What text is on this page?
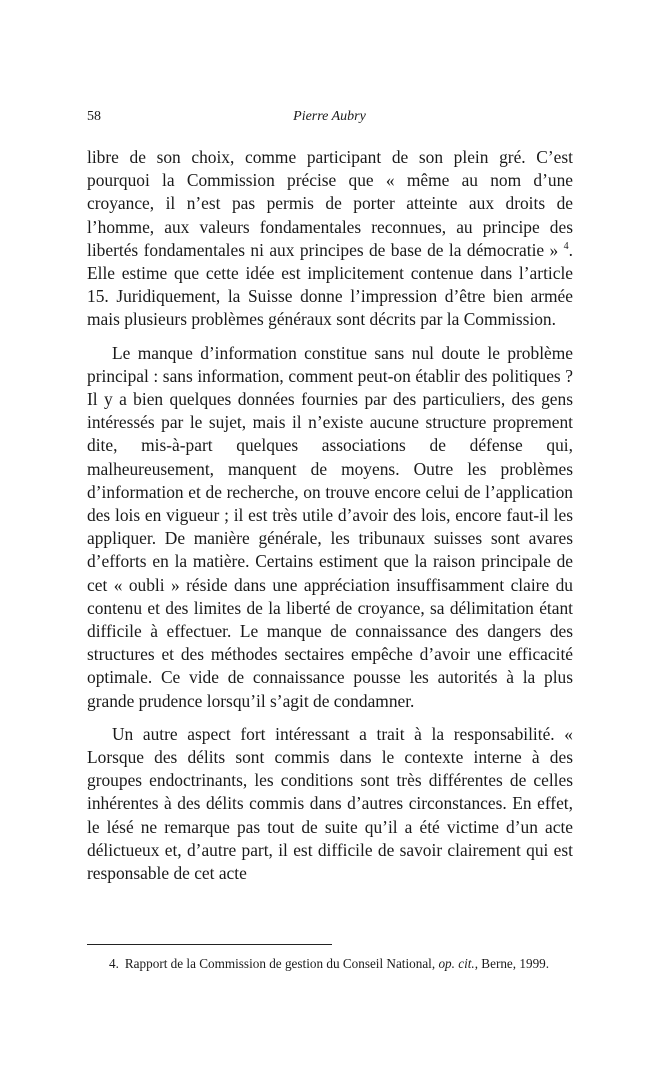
58	Pierre Aubry

libre de son choix, comme participant de son plein gré. C’est pourquoi la Commission précise que « même au nom d’une croyance, il n’est pas permis de porter atteinte aux droits de l’homme, aux valeurs fondamentales reconnues, au principe des libertés fondamentales ni aux principes de base de la démocratie » $^4$. Elle estime que cette idée est implicitement contenue dans l’article 15. Juridiquement, la Suisse donne l’impression d’être bien armée mais plusieurs problèmes généraux sont décrits par la Commission.

Le manque d’information constitue sans nul doute le problème principal : sans information, comment peut-on établir des politiques ? Il y a bien quelques données fournies par des particuliers, des gens intéressés par le sujet, mais il n’existe aucune structure proprement dite, mis-à-part quelques associations de défense qui, malheureusement, manquent de moyens. Outre les problèmes d’information et de recherche, on trouve encore celui de l’application des lois en vigueur ; il est très utile d’avoir des lois, encore faut-il les appliquer. De manière générale, les tribunaux suisses sont avares d’efforts en la matière. Certains estiment que la raison principale de cet « oubli » réside dans une appréciation insuffisamment claire du contenu et des limites de la liberté de croyance, sa délimitation étant difficile à effectuer. Le manque de connaissance des dangers des structures et des méthodes sectaires empêche d’avoir une efficacité optimale. Ce vide de connaissance pousse les autorités à la plus grande prudence lorsqu’il s’agit de condamner.

Un autre aspect fort intéressant a trait à la responsabilité. « Lorsque des délits sont commis dans le contexte interne à des groupes endoctrinants, les conditions sont très différentes de celles inhérentes à des délits commis dans d’autres circonstances. En effet, le lésé ne remarque pas tout de suite qu’il a été victime d’un acte délictueux et, d’autre part, il est difficile de savoir clairement qui est responsable de cet acte

4. Rapport de la Commission de gestion du Conseil National, op. cit., Berne, 1999.
